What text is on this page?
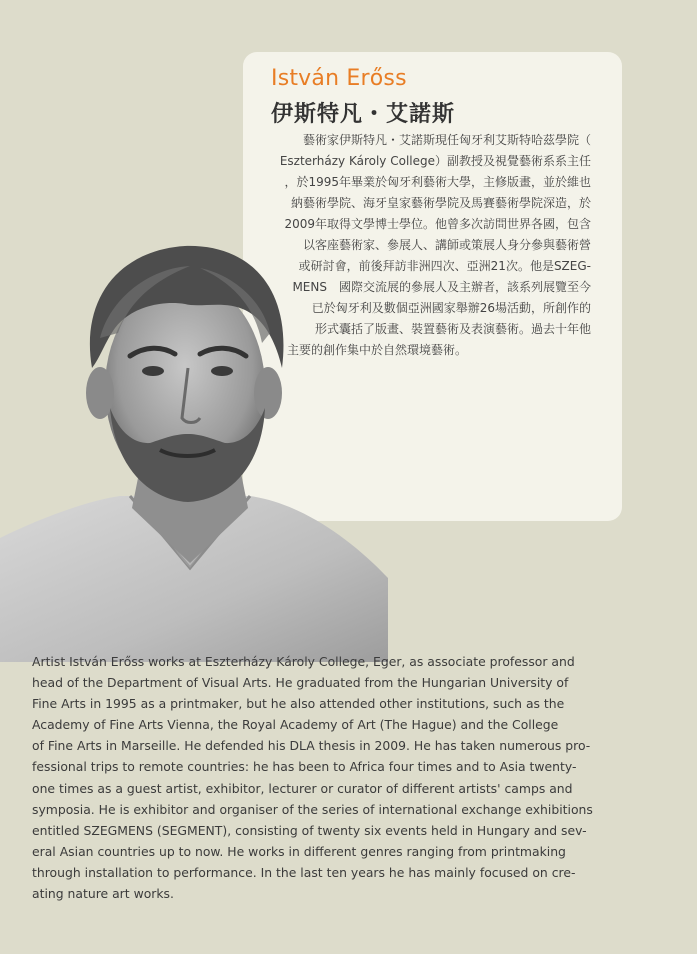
István Erőss
伊斯特凡・艾諾斯
藝術家伊斯特凡・艾諾斯現任匈牙利艾斯特哈茲學院（
Eszterházy Károly College）副教授及視覺藝術系系主任
，於1995年畢業於匈牙利藝術大學，主修版畫，並於維也
納藝術學院、海牙皇家藝術學院及馬賽藝術學院深造，於
2009年取得文學博士學位。他曾多次訪問世界各國，包含
以客座藝術家、參展人、講師或策展人身分參與藝術營
或研討會，前後拜訪非洲四次、亞洲21次。他是SZEG-
MENS　國際交流展的參展人及主辦者，該系列展覽至今
已於匈牙利及數個亞洲國家舉辦26場活動，所創作的
形式囊括了版畫、裝置藝術及表演藝術。過去十年他
主要的創作集中於自然環境藝術。
Artist István Erőss works at Eszterházy Károly College, Eger, as associate professor and
head of the Department of Visual Arts. He graduated from the Hungarian University of
Fine Arts in 1995 as a printmaker, but he also attended other institutions, such as the
Academy of Fine Arts Vienna, the Royal Academy of Art (The Hague) and the College
of Fine Arts in Marseille. He defended his DLA thesis in 2009. He has taken numerous pro-
fessional trips to remote countries: he has been to Africa four times and to Asia twenty-
one times as a guest artist, exhibitor, lecturer or curator of different artists' camps and
symposia. He is exhibitor and organiser of the series of international exchange exhibitions
entitled SZEGMENS (SEGMENT), consisting of twenty six events held in Hungary and sev-
eral Asian countries up to now. He works in different genres ranging from printmaking
through installation to performance. In the last ten years he has mainly focused on cre-
ating nature art works.
